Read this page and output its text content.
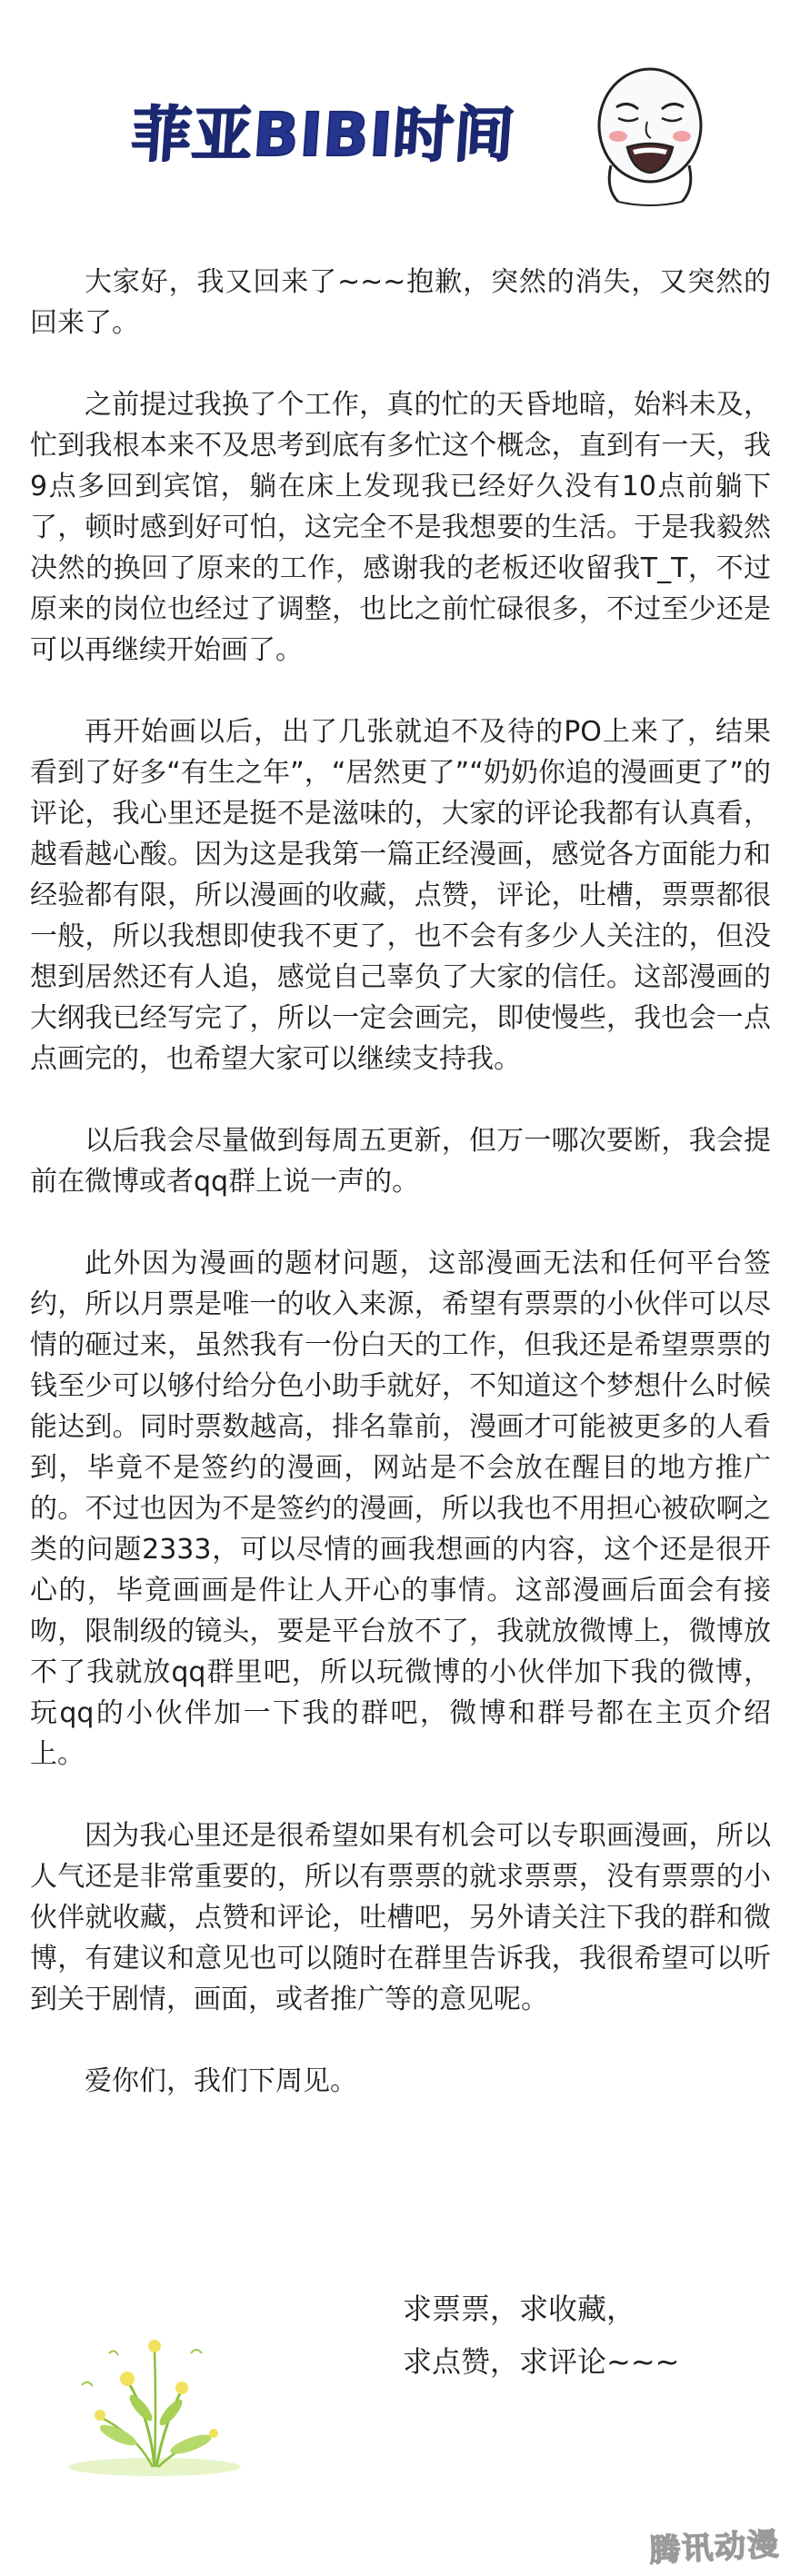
菲亚BIBI时间

大家好，我又回来了~~~抱歉，突然的消失，又突然的回来了。

之前提过我换了个工作，真的忙的天昏地暗，始料未及，忙到我根本来不及思考到底有多忙这个概念，直到有一天，我9点多回到宾馆，躺在床上发现我已经好久没有10点前躺下了，顿时感到好可怕，这完全不是我想要的生活。于是我毅然决然的换回了原来的工作，感谢我的老板还收留我T_T，不过原来的岗位也经过了调整，也比之前忙碌很多，不过至少还是可以再继续开始画了。

再开始画以后，出了几张就迫不及待的PO上来了，结果看到了好多“有生之年”，“居然更了”“奶奶你追的漫画更了”的评论，我心里还是挺不是滋味的，大家的评论我都有认真看，越看越心酸。因为这是我第一篇正经漫画，感觉各方面能力和经验都有限，所以漫画的收藏，点赞，评论，吐槽，票票都很一般，所以我想即使我不更了，也不会有多少人关注的，但没想到居然还有人追，感觉自己辜负了大家的信任。这部漫画的大纲我已经写完了，所以一定会画完，即使慢些，我也会一点点画完的，也希望大家可以继续支持我。

以后我会尽量做到每周五更新，但万一哪次要断，我会提前在微博或者qq群上说一声的。

此外因为漫画的题材问题，这部漫画无法和任何平台签约，所以月票是唯一的收入来源，希望有票票的小伙伴可以尽情的砸过来，虽然我有一份白天的工作，但我还是希望票票的钱至少可以够付给分色小助手就好，不知道这个梦想什么时候能达到。同时票数越高，排名靠前，漫画才可能被更多的人看到，毕竟不是签约的漫画，网站是不会放在醒目的地方推广的。不过也因为不是签约的漫画，所以我也不用担心被砍啊之类的问题2333，可以尽情的画我想画的内容，这个还是很开心的，毕竟画画是件让人开心的事情。这部漫画后面会有接吻，限制级的镜头，要是平台放不了，我就放微博上，微博放不了我就放qq群里吧，所以玩微博的小伙伴加下我的微博，玩qq的小伙伴加一下我的群吧，微博和群号都在主页介绍上。

因为我心里还是很希望如果有机会可以专职画漫画，所以人气还是非常重要的，所以有票票的就求票票，没有票票的小伙伴就收藏，点赞和评论，吐槽吧，另外请关注下我的群和微博，有建议和意见也可以随时在群里告诉我，我很希望可以听到关于剧情，画面，或者推广等的意见呢。

爱你们，我们下周见。

求票票，求收藏，
求点赞，求评论~~~
腾讯动漫
